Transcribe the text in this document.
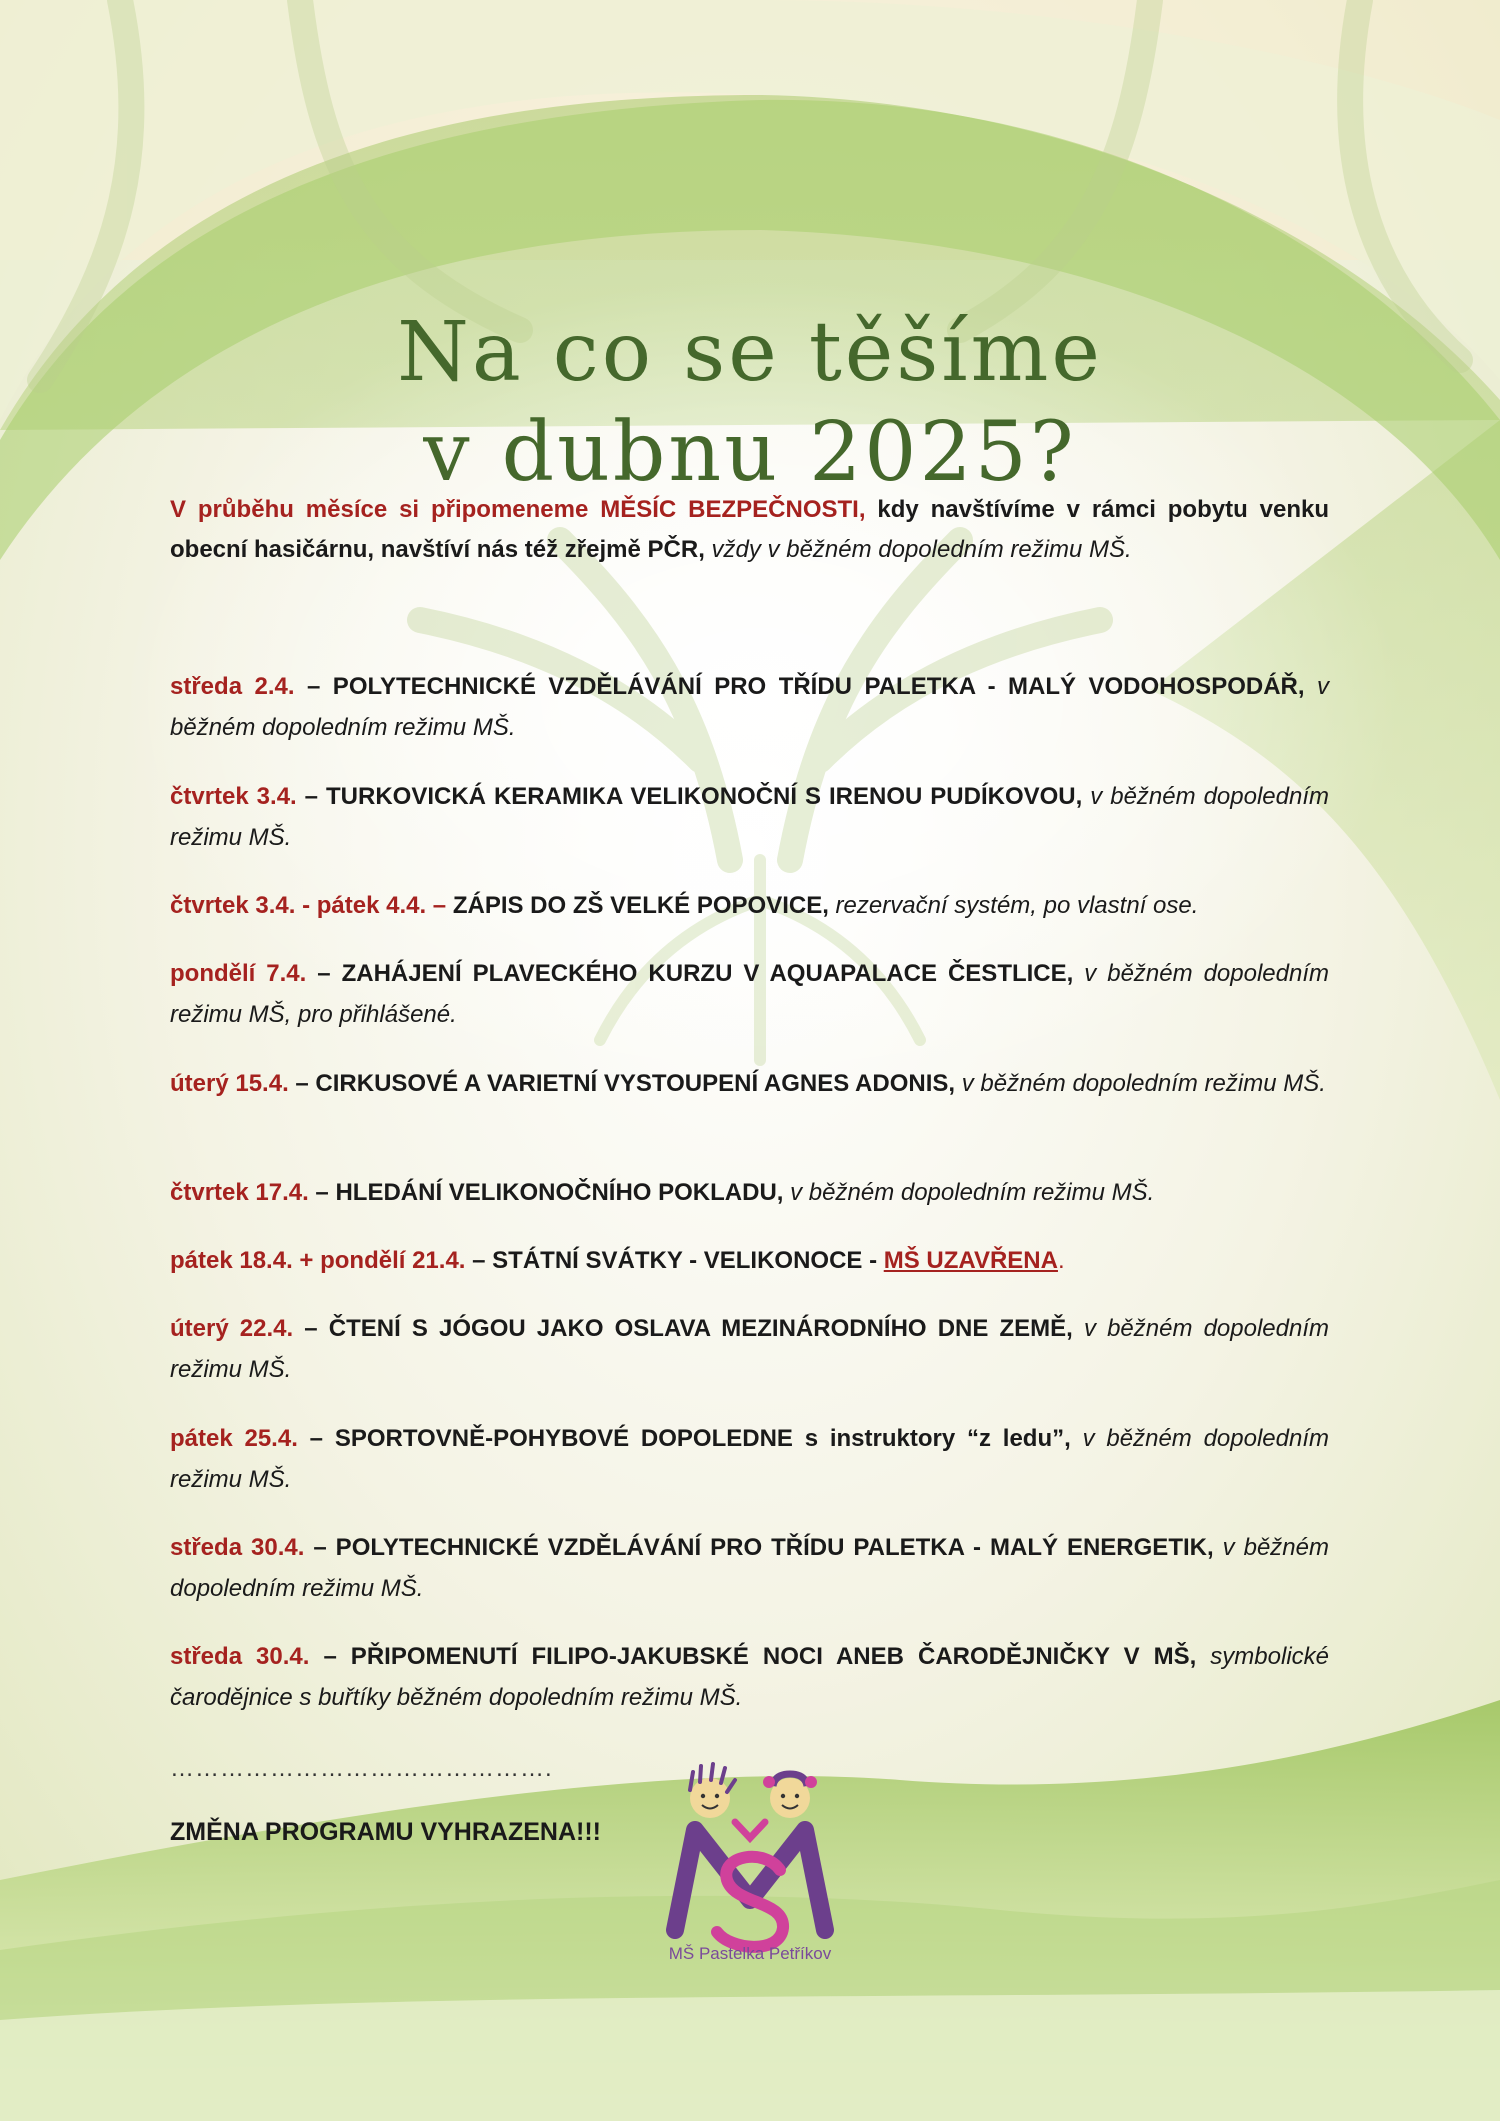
Na co se těšíme
v dubnu 2025?

V průběhu měsíce si připomeneme MĚSÍC BEZPEČNOSTI, kdy navštívíme v rámci pobytu venku obecní hasičárnu, navštíví nás též zřejmě PČR, vždy v běžném dopoledním režimu MŠ.

středa 2.4. – POLYTECHNICKÉ VZDĚLÁVÁNÍ PRO TŘÍDU PALETKA - MALÝ VODOHOSPODÁŘ, v běžném dopoledním režimu MŠ.
čtvrtek 3.4. – TURKOVICKÁ KERAMIKA VELIKONOČNÍ S IRENOU PUDÍKOVOU, v běžném dopoledním režimu MŠ.
čtvrtek 3.4. - pátek 4.4. – ZÁPIS DO ZŠ VELKÉ POPOVICE, rezervační systém, po vlastní ose.
pondělí 7.4. – ZAHÁJENÍ PLAVECKÉHO KURZU V AQUAPALACE ČESTLICE, v běžném dopoledním režimu MŠ, pro přihlášené.
úterý 15.4. – CIRKUSOVÉ A VARIETNÍ VYSTOUPENÍ AGNES ADONIS, v běžném dopoledním režimu MŠ.
čtvrtek 17.4. – HLEDÁNÍ VELIKONOČNÍHO POKLADU, v běžném dopoledním režimu MŠ.
pátek 18.4. + pondělí 21.4. – STÁTNÍ SVÁTKY - VELIKONOCE - MŠ UZAVŘENA.
úterý 22.4. – ČTENÍ S JÓGOU JAKO OSLAVA MEZINÁRODNÍHO DNE ZEMĚ, v běžném dopoledním režimu MŠ.
pátek 25.4. – SPORTOVNĚ-POHYBOVÉ DOPOLEDNE s instruktory “z ledu”, v běžném dopoledním režimu MŠ.
středa 30.4. – POLYTECHNICKÉ VZDĚLÁVÁNÍ PRO TŘÍDU PALETKA - MALÝ ENERGETIK, v běžném dopoledním režimu MŠ.
středa 30.4. – PŘIPOMENUTÍ FILIPO-JAKUBSKÉ NOCI ANEB ČARODĚJNIČKY V MŠ, symbolické čarodějnice s buřtíky běžném dopoledním režimu MŠ.
……………………………………….
ZMĚNA PROGRAMU VYHRAZENA!!!
MŠ Pastelka Petříkov
